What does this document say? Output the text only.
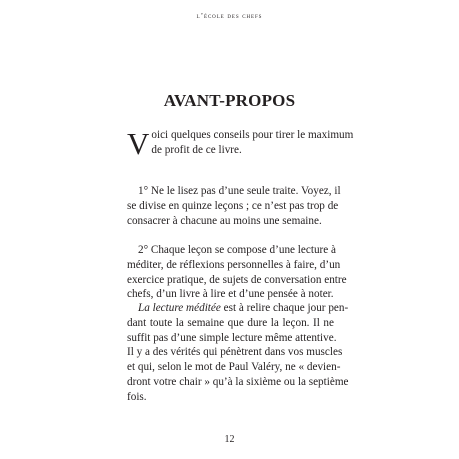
l’école des chefs
AVANT-PROPOS
V oici quelques conseils pour tirer le maximum
de profit de ce livre.
1° Ne le lisez pas d’une seule traite. Voyez, il
se divise en quinze leçons ; ce n’est pas trop de
consacrer à chacune au moins une semaine.
2° Chaque leçon se compose d’une lecture à
méditer, de réflexions personnelles à faire, d’un
exercice pratique, de sujets de conversation entre
chefs, d’un livre à lire et d’une pensée à noter.
La lecture méditée est à relire chaque jour pen-
dant toute la semaine que dure la leçon. Il ne
suffit pas d’une simple lecture même attentive.
Il y a des vérités qui pénètrent dans vos muscles
et qui, selon le mot de Paul Valéry, ne « devien-
dront votre chair » qu’à la sixième ou la septième
fois.
12
